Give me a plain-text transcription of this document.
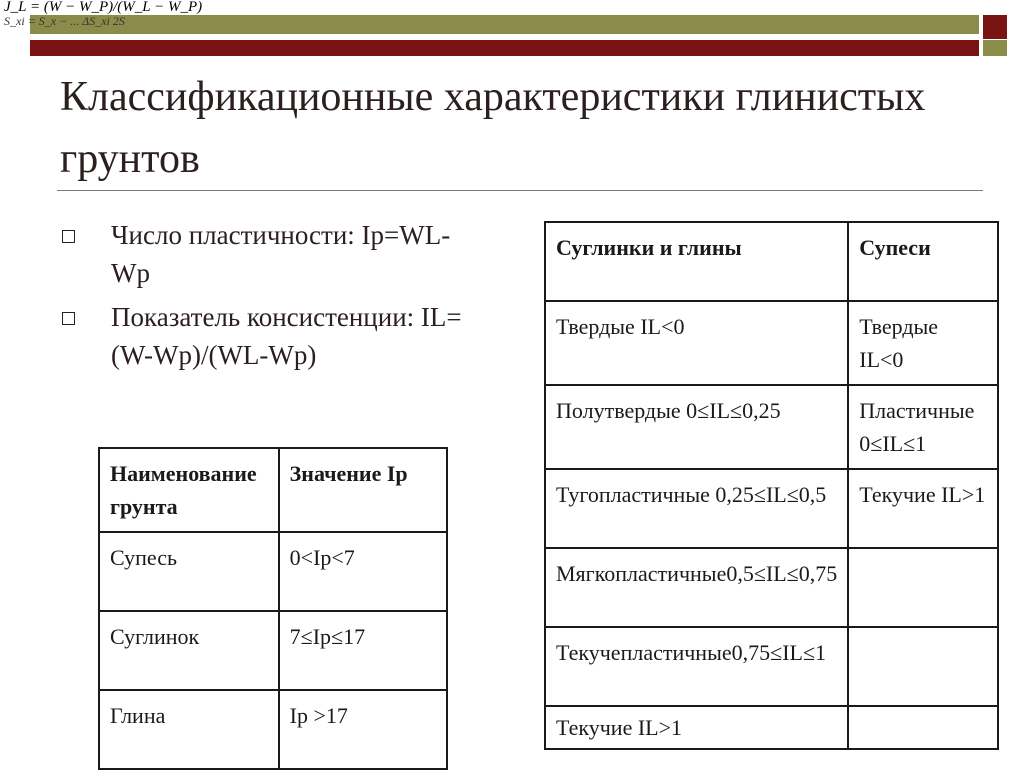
J_L = (W − W_P)/(W_L − W_P)
S_xi = S_x − ... ΔS_xi 2S
Классификационные характеристики глинистых грунтов
Число пластичности: Ip=WL-Wp
Показатель консистенции: IL=(W-Wp)/(WL-Wp)
Наименование грунта	Значение Ip
Супесь	0<Ip<7
Суглинок	7≤Ip≤17
Глина	Ip >17
Суглинки и глины	Супеси
Твердые IL<0	Твердые IL<0
Полутвердые 0≤IL≤0,25	Пластичные 0≤IL≤1
Тугопластичные 0,25≤IL≤0,5	Текучие IL>1
Мягкопластичные0,5≤IL≤0,75	
Текучепластичные0,75≤IL≤1	
Текучие IL>1	
